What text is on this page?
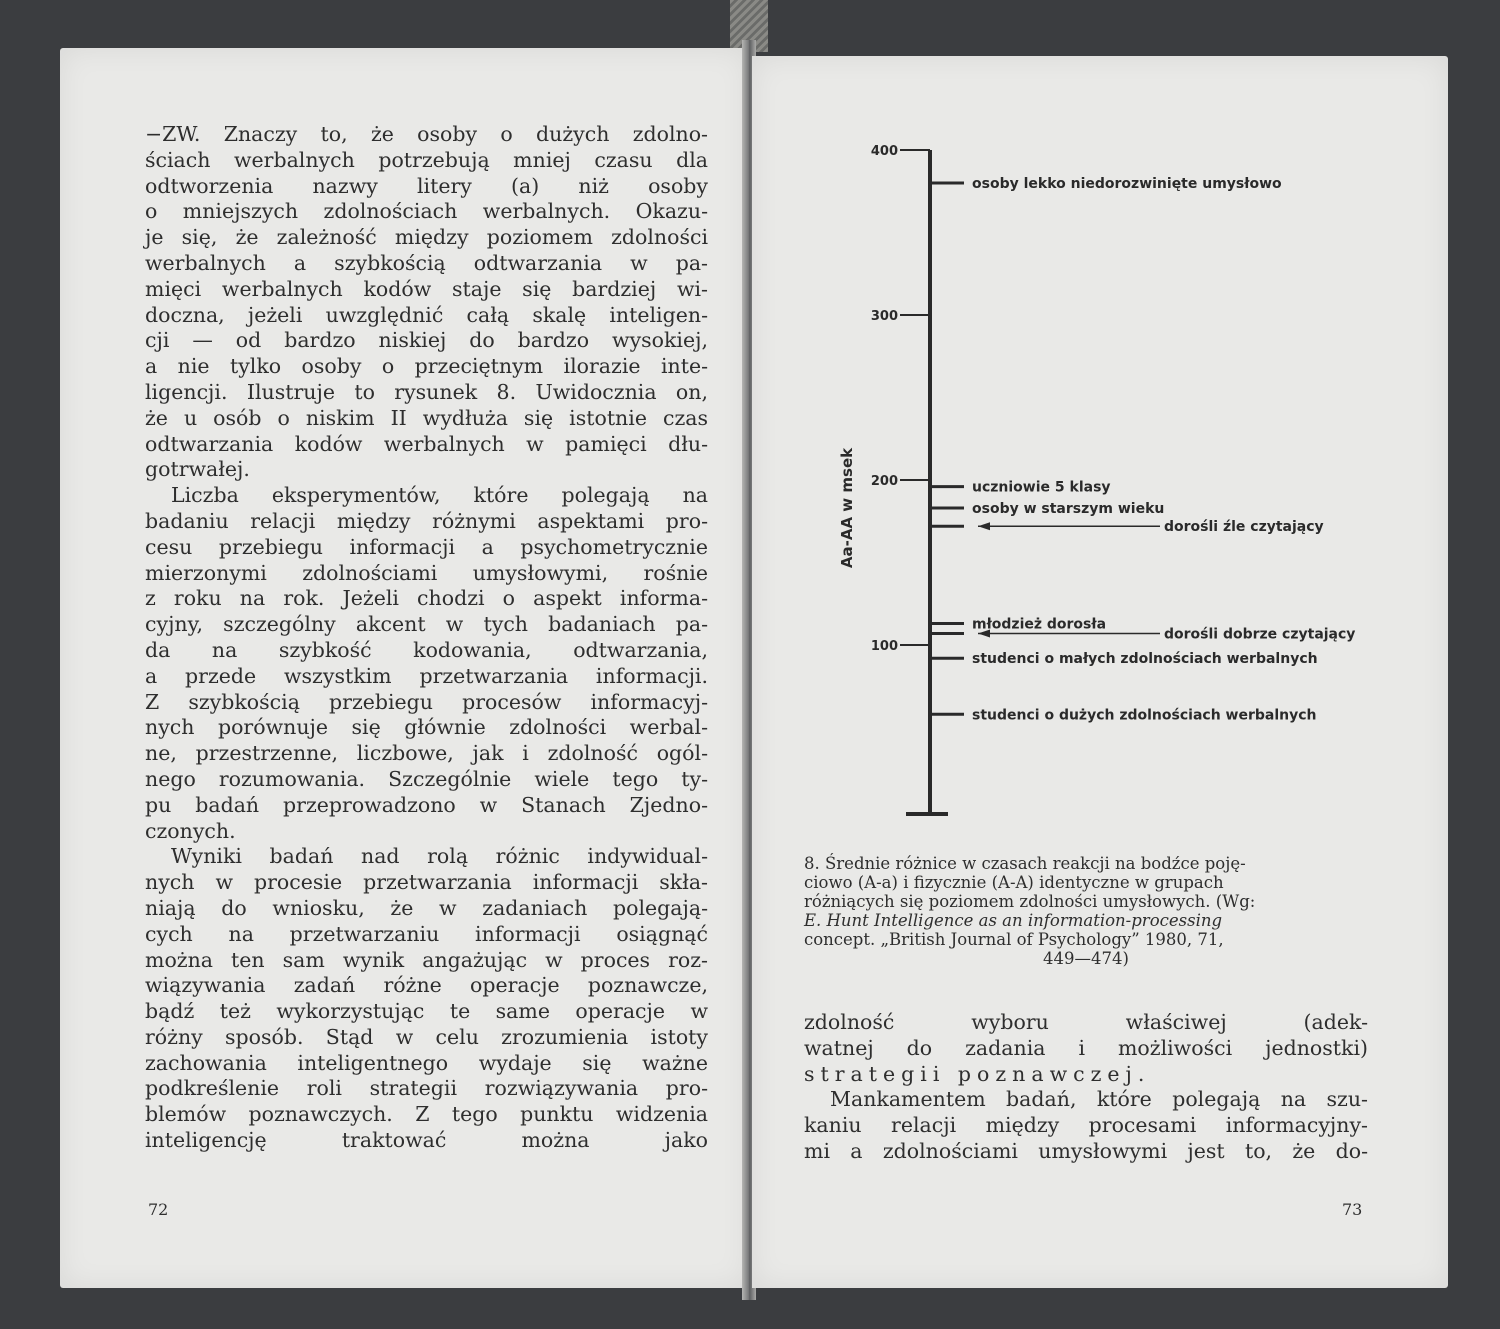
−ZW. Znaczy to, że osoby o dużych zdolno-

ściach werbalnych potrzebują mniej czasu dla

odtworzenia nazwy litery (a) niż osoby

o mniejszych zdolnościach werbalnych. Okazu-

je się, że zależność między poziomem zdolności

werbalnych a szybkością odtwarzania w pa-

mięci werbalnych kodów staje się bardziej wi-

doczna, jeżeli uwzględnić całą skalę inteligen-

cji — od bardzo niskiej do bardzo wysokiej,

a nie tylko osoby o przeciętnym ilorazie inte-

ligencji. Ilustruje to rysunek 8. Uwidocznia on,

że u osób o niskim II wydłuża się istotnie czas

odtwarzania kodów werbalnych w pamięci dłu-

gotrwałej.

Liczba eksperymentów, które polegają na

badaniu relacji między różnymi aspektami pro-

cesu przebiegu informacji a psychometrycznie

mierzonymi zdolnościami umysłowymi, rośnie

z roku na rok. Jeżeli chodzi o aspekt informa-

cyjny, szczególny akcent w tych badaniach pa-

da na szybkość kodowania, odtwarzania,

a przede wszystkim przetwarzania informacji.

Z szybkością przebiegu procesów informacyj-

nych porównuje się głównie zdolności werbal-

ne, przestrzenne, liczbowe, jak i zdolność ogól-

nego rozumowania. Szczególnie wiele tego ty-

pu badań przeprowadzono w Stanach Zjedno-

czonych.

Wyniki badań nad rolą różnic indywidual-

nych w procesie przetwarzania informacji skła-

niają do wniosku, że w zadaniach polegają-

cych na przetwarzaniu informacji osiągnąć

można ten sam wynik angażując w proces roz-

wiązywania zadań różne operacje poznawcze,

bądź też wykorzystując te same operacje w

różny sposób. Stąd w celu zrozumienia istoty

zachowania inteligentnego wydaje się ważne

podkreślenie roli strategii rozwiązywania pro-

blemów poznawczych. Z tego punktu widzenia

inteligencję traktować można jako

72
100
200
300
400
osoby lekko niedorozwinięte umysłowo
uczniowie 5 klasy
osoby w starszym wieku
dorośli źle czytający
młodzież dorosła
dorośli dobrze czytający
studenci o małych zdolnościach werbalnych
studenci o dużych zdolnościach werbalnych
Aa-AA w msek
8. Średnie różnice w czasach reakcji na bodźce poję-
ciowo (A-a) i fizycznie (A-A) identyczne w grupach
różniących się poziomem zdolności umysłowych. (Wg:
E. Hunt Intelligence as an information-processing
concept. „British Journal of Psychology” 1980, 71,
449—474)

zdolność wyboru właściwej (adek-

watnej do zadania i możliwości jednostki)

strategii poznawczej.

Mankamentem badań, które polegają na szu-

kaniu relacji między procesami informacyjny-

mi a zdolnościami umysłowymi jest to, że do-

73
